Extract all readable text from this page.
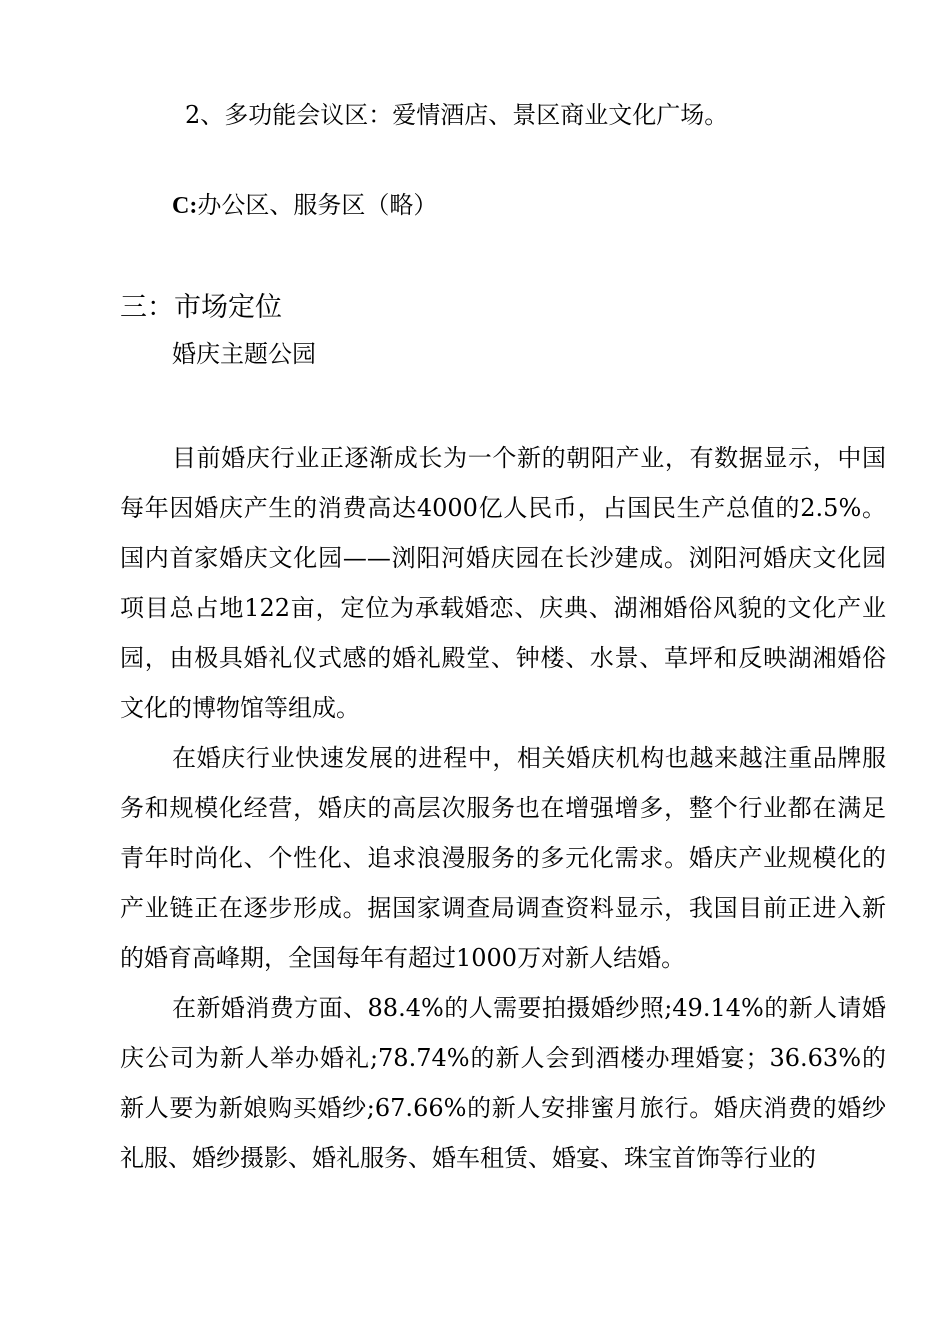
2、多功能会议区：爱情酒店、景区商业文化广场。
C:办公区、服务区（略）
三：市场定位
婚庆主题公园

目前婚庆行业正逐渐成长为一个新的朝阳产业，有数据显示，中国每年因婚庆产生的消费高达4000亿人民币，占国民生产总值的2.5%。国内首家婚庆文化园——浏阳河婚庆园在长沙建成。浏阳河婚庆文化园项目总占地122亩，定位为承载婚恋、庆典、湖湘婚俗风貌的文化产业园，由极具婚礼仪式感的婚礼殿堂、钟楼、水景、草坪和反映湖湘婚俗文化的博物馆等组成。

在婚庆行业快速发展的进程中，相关婚庆机构也越来越注重品牌服务和规模化经营，婚庆的高层次服务也在增强增多，整个行业都在满足青年时尚化、个性化、追求浪漫服务的多元化需求。婚庆产业规模化的产业链正在逐步形成。据国家调查局调查资料显示，我国目前正进入新的婚育高峰期，全国每年有超过1000万对新人结婚。

在新婚消费方面、88.4%的人需要拍摄婚纱照;49.14%的新人请婚庆公司为新人举办婚礼;78.74%的新人会到酒楼办理婚宴；36.63%的新人要为新娘购买婚纱;67.66%的新人安排蜜月旅行。婚庆消费的婚纱礼服、婚纱摄影、婚礼服务、婚车租赁、婚宴、珠宝首饰等行业的
